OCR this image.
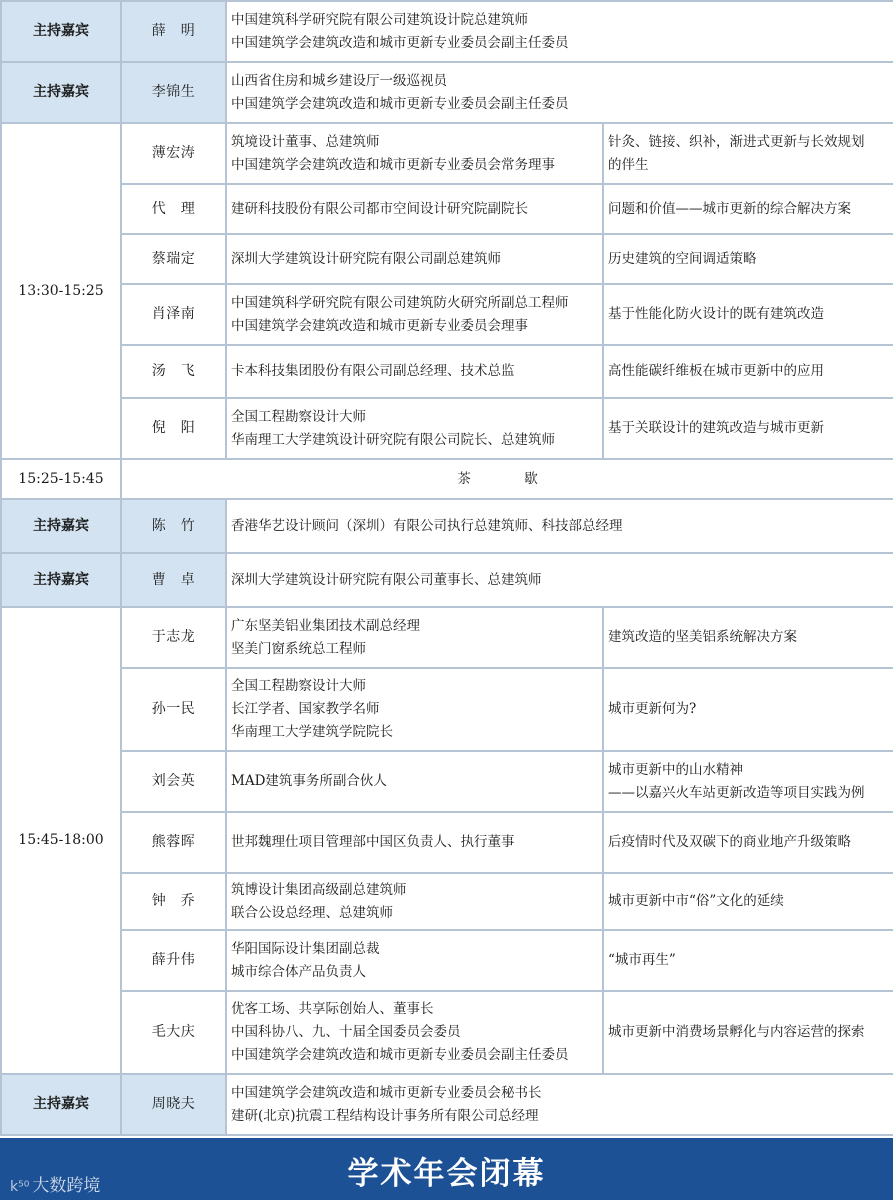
主持嘉宾	薛　明	中国建筑科学研究院有限公司建筑设计院总建筑师
中国建筑学会建筑改造和城市更新专业委员会副主任委员	

主持嘉宾	李锦生	山西省住房和城乡建设厅一级巡视员
中国建筑学会建筑改造和城市更新专业委员会副主任委员	

13:30-15:25	薄宏涛	筑境设计董事、总建筑师
中国建筑学会建筑改造和城市更新专业委员会常务理事	针灸、链接、织补，渐进式更新与长效规划
的伴生

	代　理	建研科技股份有限公司都市空间设计研究院副院长	问题和价值——城市更新的综合解决方案

	蔡瑞定	深圳大学建筑设计研究院有限公司副总建筑师	历史建筑的空间调适策略

	肖泽南	中国建筑科学研究院有限公司建筑防火研究所副总工程师
中国建筑学会建筑改造和城市更新专业委员会理事	基于性能化防火设计的既有建筑改造

	汤　飞	卡本科技集团股份有限公司副总经理、技术总监	高性能碳纤维板在城市更新中的应用

	倪　阳	全国工程勘察设计大师
华南理工大学建筑设计研究院有限公司院长、总建筑师	基于关联设计的建筑改造与城市更新

15:25-15:45	茶　歇		
主持嘉宾	陈　竹	香港华艺设计顾问（深圳）有限公司执行总建筑师、科技部总经理	

主持嘉宾	曹　卓	深圳大学建筑设计研究院有限公司董事长、总建筑师	

15:45-18:00	于志龙	广东坚美铝业集团技术副总经理
坚美门窗系统总工程师	建筑改造的坚美铝系统解决方案

	孙一民	全国工程勘察设计大师
长江学者、国家教学名师
华南理工大学建筑学院院长	城市更新何为?

	刘会英	MAD建筑事务所副合伙人	城市更新中的山水精神
——以嘉兴火车站更新改造等项目实践为例

	熊蓉晖	世邦魏理仕项目管理部中国区负责人、执行董事	后疫情时代及双碳下的商业地产升级策略

	钟　乔	筑博设计集团高级副总建筑师
联合公设总经理、总建筑师	城市更新中市“俗”文化的延续

	薛升伟	华阳国际设计集团副总裁
城市综合体产品负责人	“城市再生”

	毛大庆	优客工场、共享际创始人、董事长
中国科协八、九、十届全国委员会委员
中国建筑学会建筑改造和城市更新专业委员会副主任委员	城市更新中消费场景孵化与内容运营的探索

主持嘉宾	周晓夫	中国建筑学会建筑改造和城市更新专业委员会秘书长
建研(北京)抗震工程结构设计事务所有限公司总经理	
学术年会闭幕
k⁵⁰ 大数跨境
